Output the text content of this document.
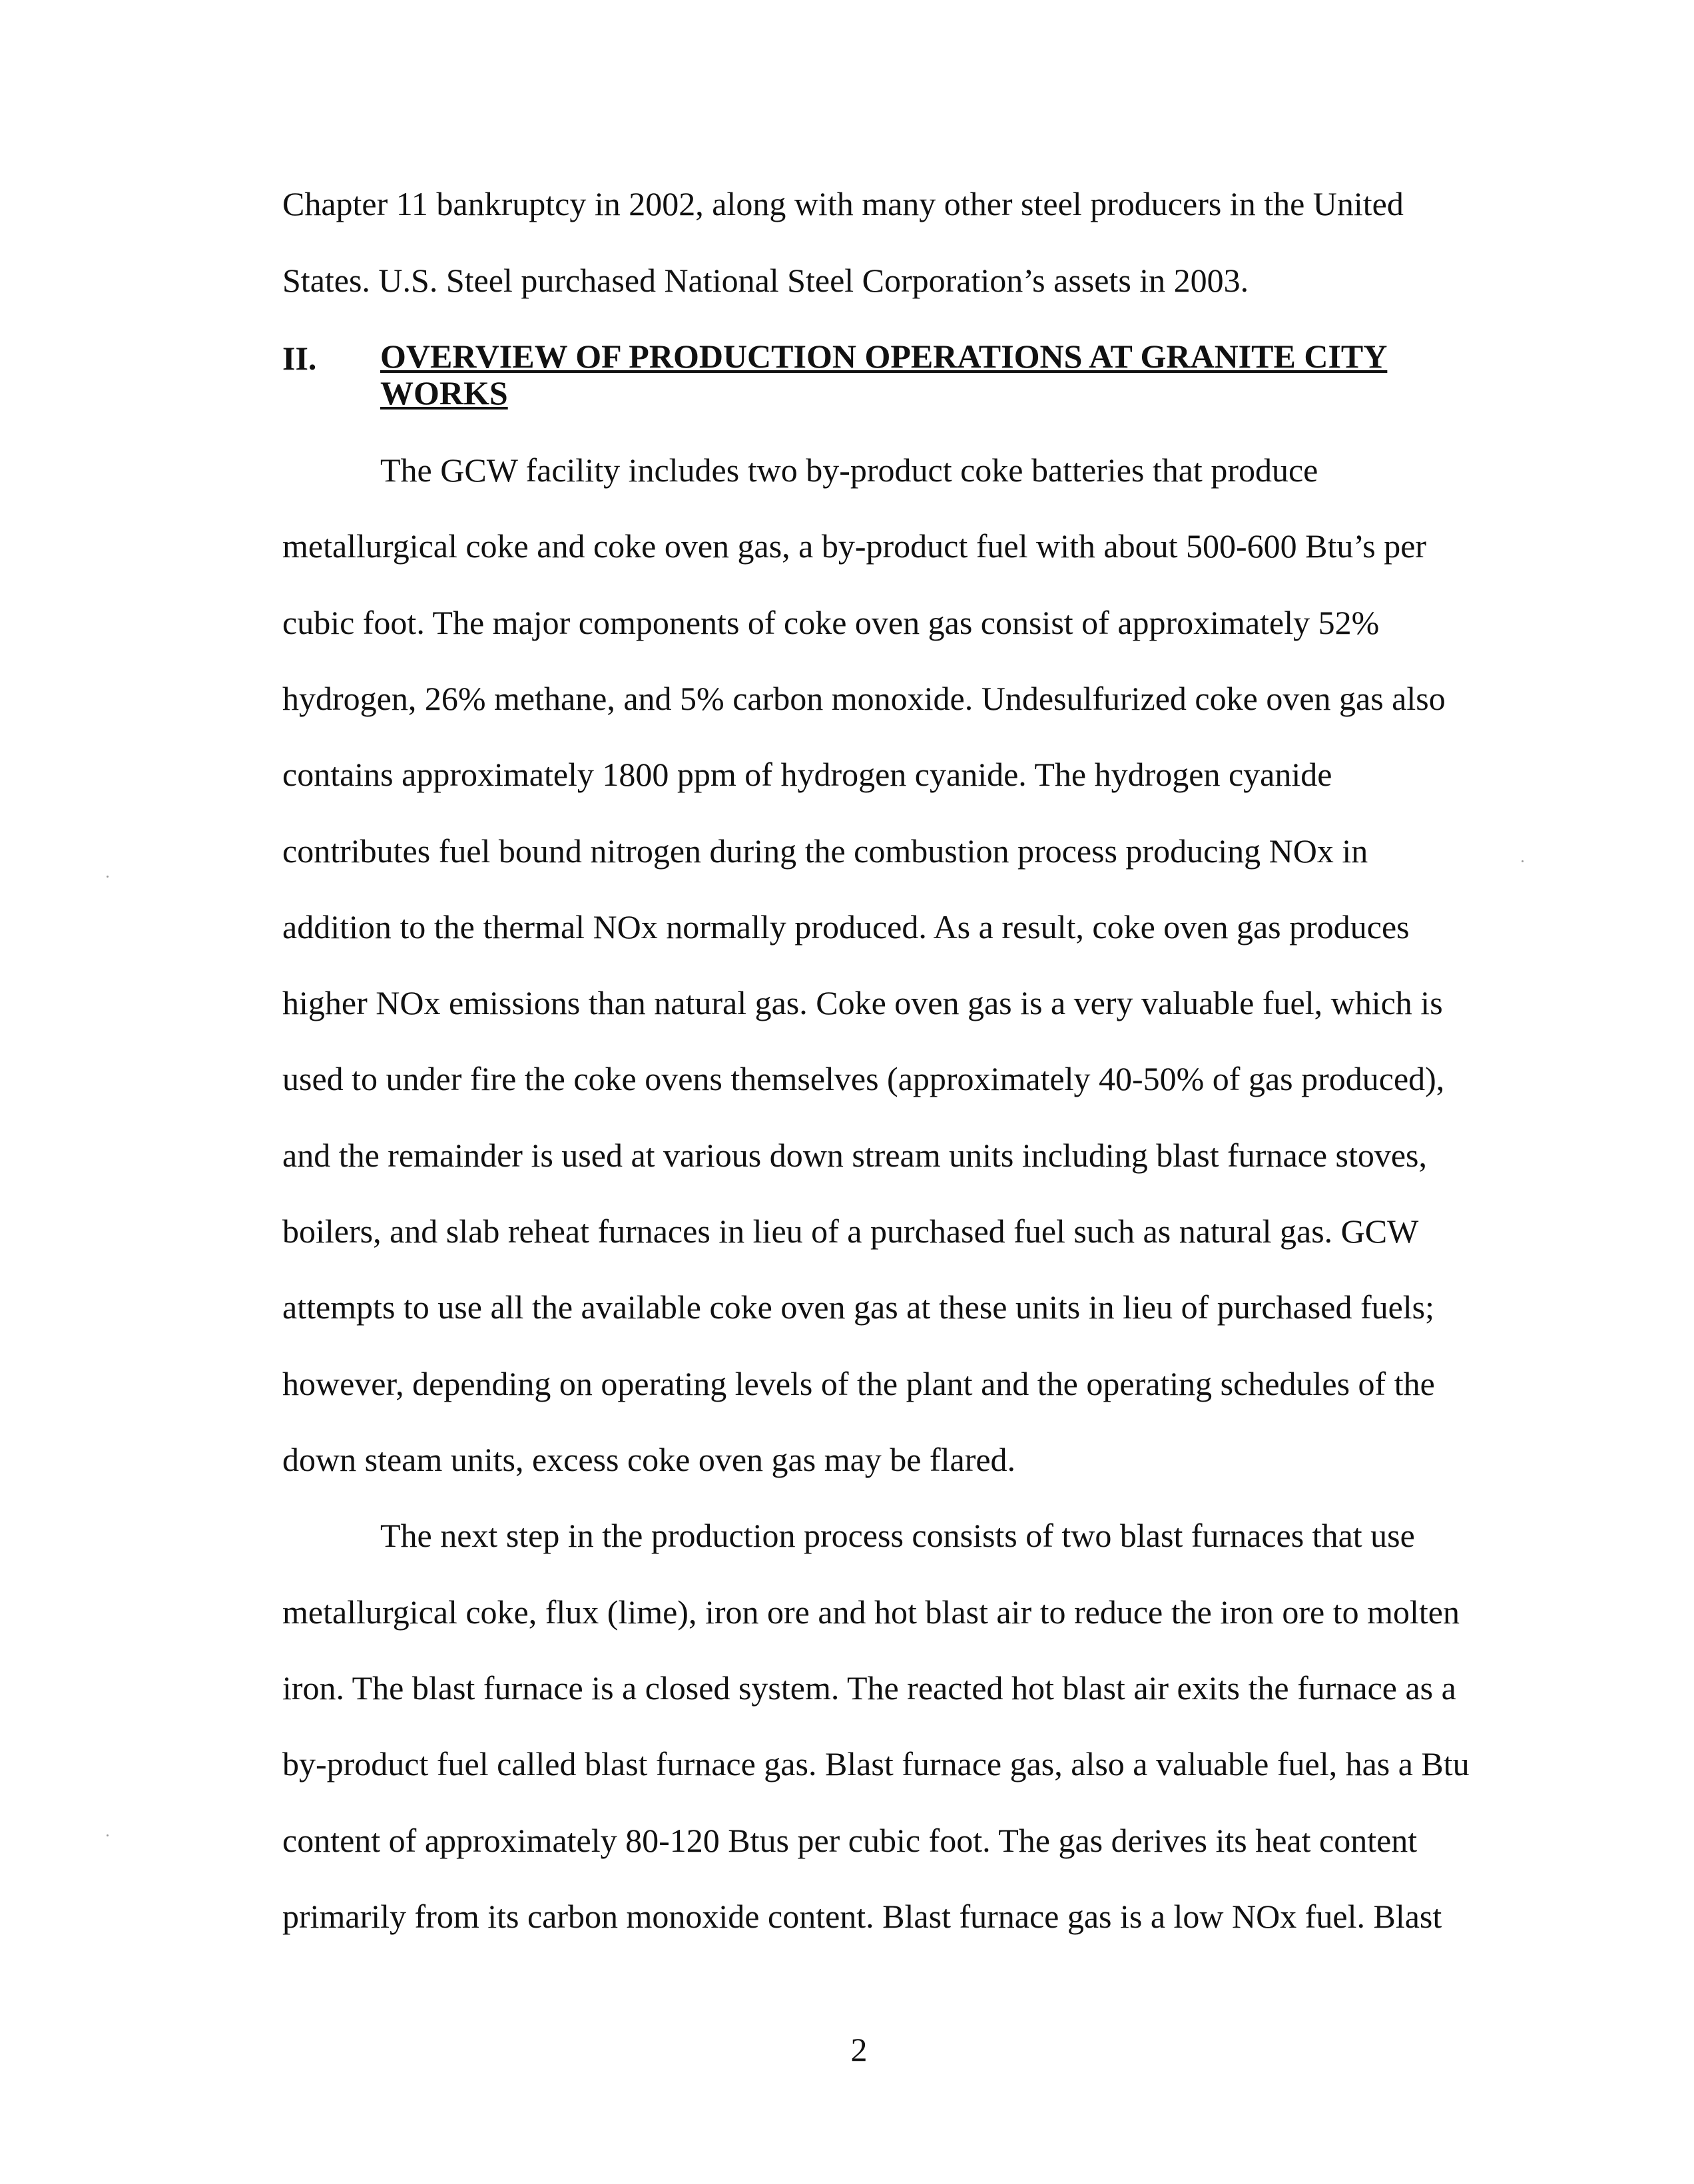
Chapter 11 bankruptcy in 2002, along with many other steel producers in the United
States. U.S. Steel purchased National Steel Corporation’s assets in 2003.
II. OVERVIEW OF PRODUCTION OPERATIONS AT GRANITE CITY
WORKS
The GCW facility includes two by-product coke batteries that produce
metallurgical coke and coke oven gas, a by-product fuel with about 500-600 Btu’s per
cubic foot. The major components of coke oven gas consist of approximately 52%
hydrogen, 26% methane, and 5% carbon monoxide. Undesulfurized coke oven gas also
contains approximately 1800 ppm of hydrogen cyanide. The hydrogen cyanide
contributes fuel bound nitrogen during the combustion process producing NOx in
addition to the thermal NOx normally produced. As a result, coke oven gas produces
higher NOx emissions than natural gas. Coke oven gas is a very valuable fuel, which is
used to under fire the coke ovens themselves (approximately 40-50% of gas produced),
and the remainder is used at various down stream units including blast furnace stoves,
boilers, and slab reheat furnaces in lieu of a purchased fuel such as natural gas. GCW
attempts to use all the available coke oven gas at these units in lieu of purchased fuels;
however, depending on operating levels of the plant and the operating schedules of the
down steam units, excess coke oven gas may be flared.
The next step in the production process consists of two blast furnaces that use
metallurgical coke, flux (lime), iron ore and hot blast air to reduce the iron ore to molten
iron. The blast furnace is a closed system. The reacted hot blast air exits the furnace as a
by-product fuel called blast furnace gas. Blast furnace gas, also a valuable fuel, has a Btu
content of approximately 80-120 Btus per cubic foot. The gas derives its heat content
primarily from its carbon monoxide content. Blast furnace gas is a low NOx fuel. Blast
2
